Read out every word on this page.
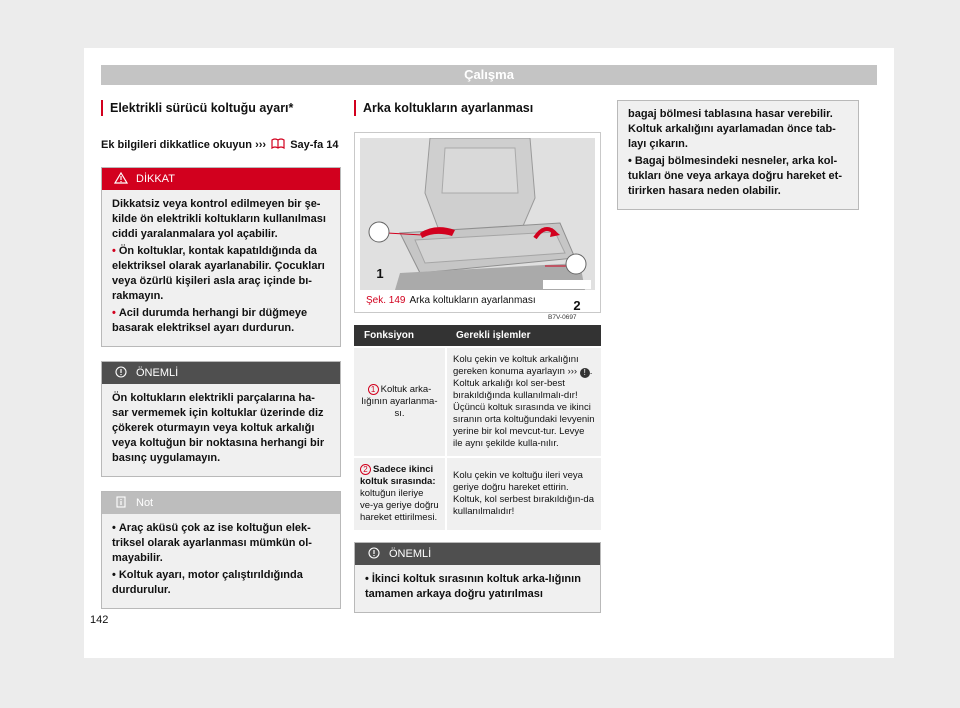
Çalışma
Elektrikli sürücü koltuğu ayarı*
Ek bilgileri dikkatlice okuyun ››› Say-fa 14
DİKKAT

Dikkatsiz veya kontrol edilmeyen bir şe-kilde ön elektrikli koltukların kullanılması ciddi yaralanmalara yol açabilir.

• Ön koltuklar, kontak kapatıldığında da elektriksel olarak ayarlanabilir. Çocukları veya özürlü kişileri asla araç içinde bı-rakmayın.

• Acil durumda herhangi bir düğmeye basarak elektriksel ayarı durdurun.

ÖNEMLİ

Ön koltukların elektrikli parçalarına ha-sar vermemek için koltuklar üzerinde diz çökerek oturmayın veya koltuk arkalığı veya koltuğun bir noktasına herhangi bir basınç uygulamayın.

Not

• Araç aküsü çok az ise koltuğun elek-triksel olarak ayarlanması mümkün ol-mayabilir.

• Koltuk ayarı, motor çalıştırıldığında durdurulur.

Arka koltukların ayarlanması
1
2
B7V-0697
Şek. 149 Arka koltukların ayarlanması
Fonksiyon	Gerekli işlemler
1 Koltuk arka-lığının ayarlanma-sı.	Kolu çekin ve koltuk arkalığını gereken konuma ayarlayın ››› ! . Koltuk arkalığı kol ser-best bırakıldığında kullanılmalı-dır! Üçüncü koltuk sırasında ve ikinci sıranın orta koltuğundaki levyenin yerine bir kol mevcut-tur. Levye ile aynı şekilde kulla-nılır.
2 Sadece ikinci koltuk sırasında:
koltuğun ileriye ve-ya geriye doğru hareket ettirilmesi.	Kolu çekin ve koltuğu ileri veya geriye doğru hareket ettirin. Koltuk, kol serbest bırakıldığın-da kullanılmalıdır!
ÖNEMLİ

• İkinci koltuk sırasının koltuk arka-lığının tamamen arkaya doğru yatırılması

bagaj bölmesi tablasına hasar verebilir. Koltuk arkalığını ayarlamadan önce tab-layı çıkarın.

• Bagaj bölmesindeki nesneler, arka kol-tukları öne veya arkaya doğru hareket et-tirirken hasara neden olabilir.

142
